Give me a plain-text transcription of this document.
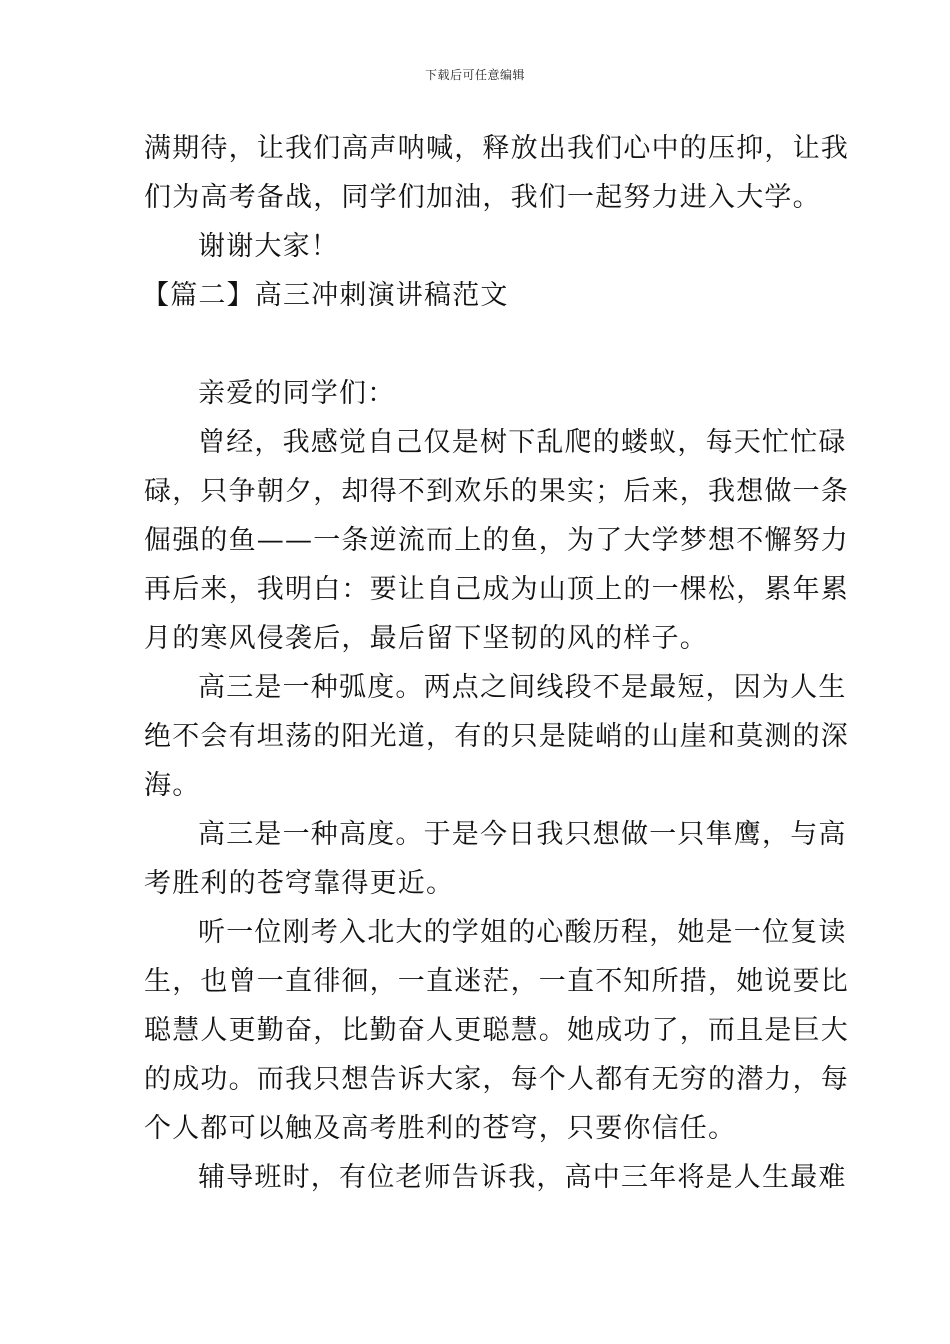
下载后可任意编辑
满期待，让我们高声呐喊，释放出我们心中的压抑，让我
们为高考备战，同学们加油，我们一起努力进入大学。
谢谢大家！
【篇二】高三冲刺演讲稿范文
亲爱的同学们：
曾经，我感觉自己仅是树下乱爬的蝼蚁，每天忙忙碌
碌，只争朝夕，却得不到欢乐的果实；后来，我想做一条
倔强的鱼——一条逆流而上的鱼，为了大学梦想不懈努力
再后来，我明白：要让自己成为山顶上的一棵松，累年累
月的寒风侵袭后，最后留下坚韧的风的样子。
高三是一种弧度。两点之间线段不是最短，因为人生
绝不会有坦荡的阳光道，有的只是陡峭的山崖和莫测的深
海。
高三是一种高度。于是今日我只想做一只隼鹰，与高
考胜利的苍穹靠得更近。
听一位刚考入北大的学姐的心酸历程，她是一位复读
生，也曾一直徘徊，一直迷茫，一直不知所措，她说要比
聪慧人更勤奋，比勤奋人更聪慧。她成功了，而且是巨大
的成功。而我只想告诉大家，每个人都有无穷的潜力，每
个人都可以触及高考胜利的苍穹，只要你信任。
辅导班时，有位老师告诉我，高中三年将是人生最难
